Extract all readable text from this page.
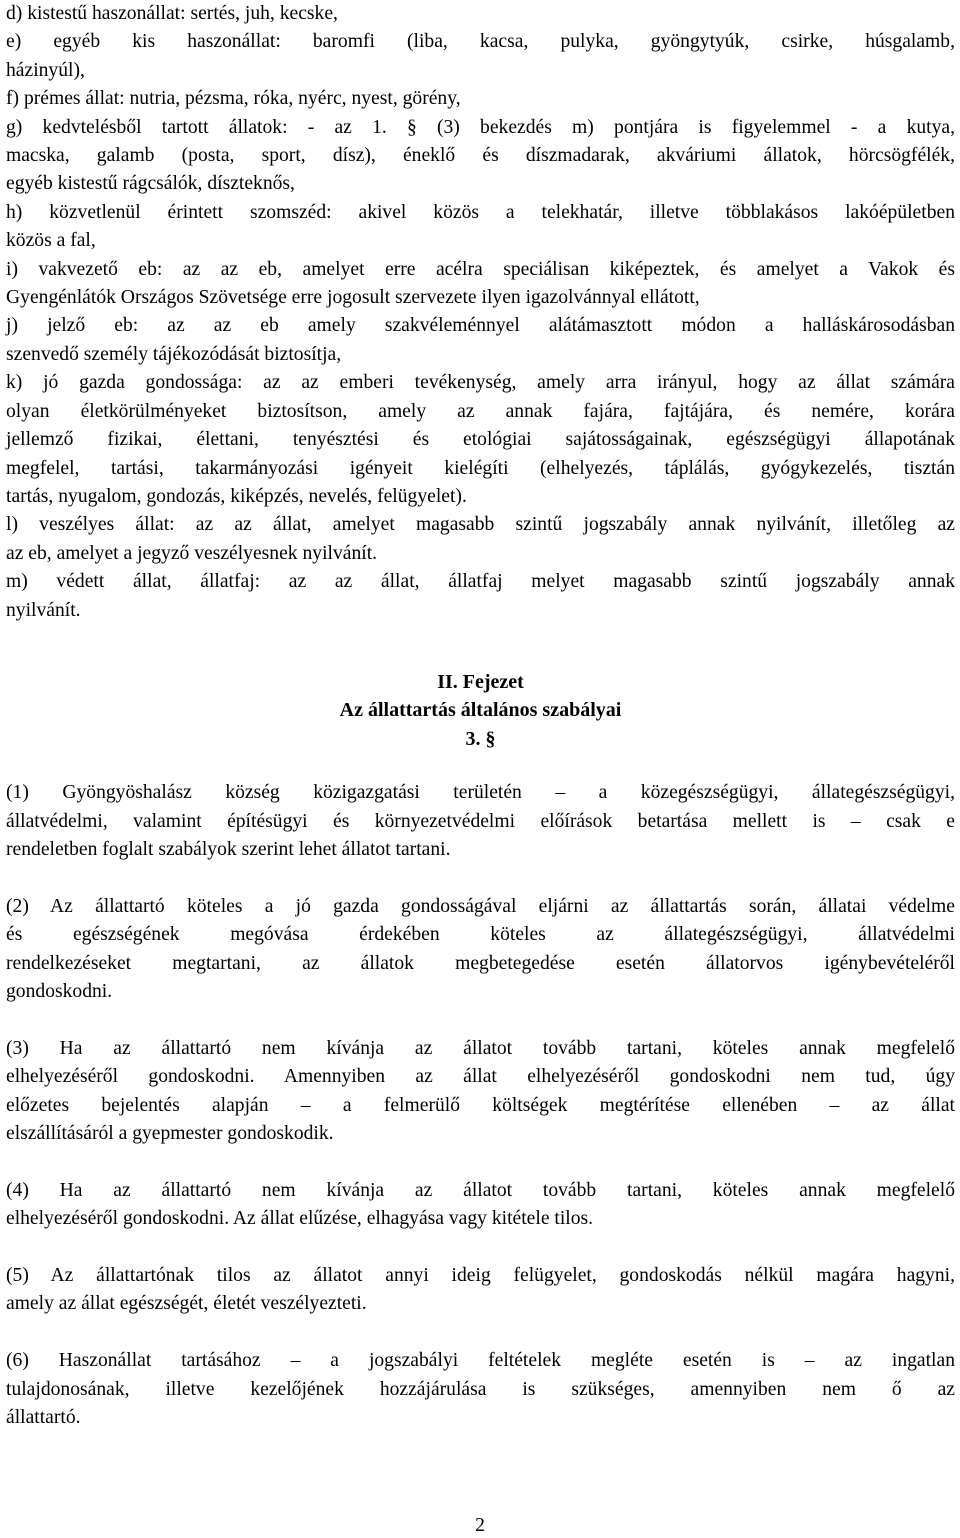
d) kistestű haszonállat: sertés, juh, kecske,
e) egyéb kis haszonállat: baromfi (liba, kacsa, pulyka, gyöngytyúk, csirke, húsgalamb,
házinyúl),
f) prémes állat: nutria, pézsma, róka, nyérc, nyest, görény,
g) kedvtelésből tartott állatok: - az 1. § (3) bekezdés m) pontjára is figyelemmel - a kutya,
macska, galamb (posta, sport, dísz), éneklő és díszmadarak, akváriumi állatok, hörcsögfélék,
egyéb kistestű rágcsálók, díszteknős,
h) közvetlenül érintett szomszéd: akivel közös a telekhatár, illetve többlakásos lakóépületben
közös a fal,
i) vakvezető eb: az az eb, amelyet erre acélra speciálisan kiképeztek, és amelyet a Vakok és
Gyengénlátók Országos Szövetsége erre jogosult szervezete ilyen igazolvánnyal ellátott,
j) jelző eb: az az eb amely szakvéleménnyel alátámasztott módon a halláskárosodásban
szenvedő személy tájékozódását biztosítja,
k) jó gazda gondossága: az az emberi tevékenység, amely arra irányul, hogy az állat számára
olyan életkörülményeket biztosítson, amely az annak fajára, fajtájára, és nemére, korára
jellemző fizikai, élettani, tenyésztési és etológiai sajátosságainak, egészségügyi állapotának
megfelel, tartási, takarmányozási igényeit kielégíti (elhelyezés, táplálás, gyógykezelés, tisztán
tartás, nyugalom, gondozás, kiképzés, nevelés, felügyelet).
l) veszélyes állat: az az állat, amelyet magasabb szintű jogszabály annak nyilvánít, illetőleg az
az eb, amelyet a jegyző veszélyesnek nyilvánít.
m) védett állat, állatfaj: az az állat, állatfaj melyet magasabb szintű jogszabály annak
nyilvánít.
II. Fejezet
Az állattartás általános szabályai
3. §
(1) Gyöngyöshalász község közigazgatási területén – a közegészségügyi, állategészségügyi,
állatvédelmi, valamint építésügyi és környezetvédelmi előírások betartása mellett is – csak e
rendeletben foglalt szabályok szerint lehet állatot tartani.
(2) Az állattartó köteles a jó gazda gondosságával eljárni az állattartás során, állatai védelme
és egészségének megóvása érdekében köteles az állategészségügyi, állatvédelmi
rendelkezéseket megtartani, az állatok megbetegedése esetén állatorvos igénybevételéről
gondoskodni.
(3) Ha az állattartó nem kívánja az állatot tovább tartani, köteles annak megfelelő
elhelyezéséről gondoskodni. Amennyiben az állat elhelyezéséről gondoskodni nem tud, úgy
előzetes bejelentés alapján – a felmerülő költségek megtérítése ellenében – az állat
elszállításáról a gyepmester gondoskodik.
(4) Ha az állattartó nem kívánja az állatot tovább tartani, köteles annak megfelelő
elhelyezéséről gondoskodni. Az állat elűzése, elhagyása vagy kitétele tilos.
(5) Az állattartónak tilos az állatot annyi ideig felügyelet, gondoskodás nélkül magára hagyni,
amely az állat egészségét, életét veszélyezteti.
(6) Haszonállat tartásához – a jogszabályi feltételek megléte esetén is – az ingatlan
tulajdonosának, illetve kezelőjének hozzájárulása is szükséges, amennyiben nem ő az
állattartó.
2
